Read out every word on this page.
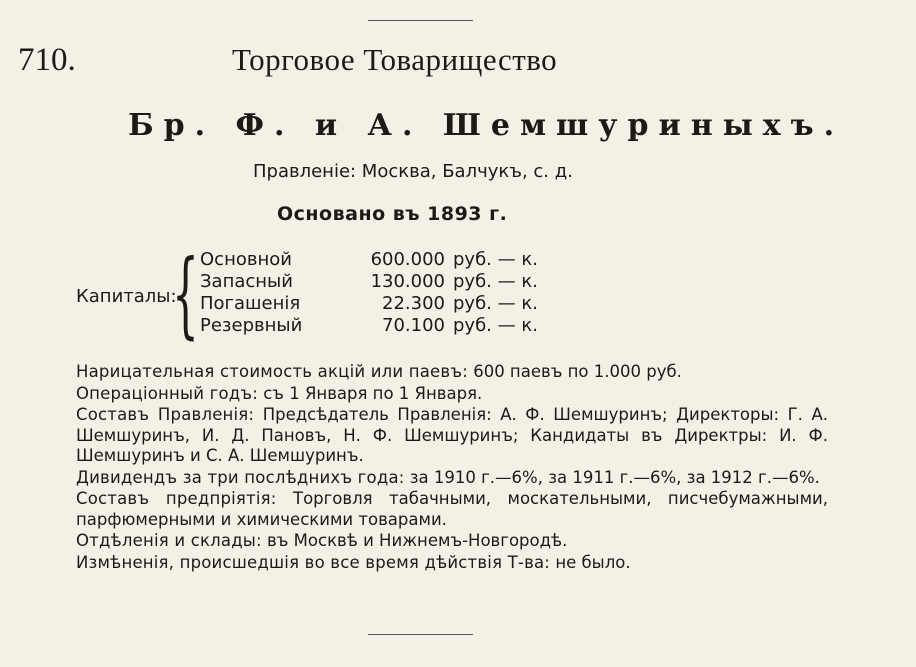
710.	Торговое Товарищество
Бр. Ф. и А. Шемшуриныхъ.
Правленіе: Москва, Балчукъ, с. д.
Основано въ 1893 г.
Капиталы:
{ Основной	600.000 руб. — к.
Запасный	130.000 руб. — к.
Погашенія	22.300 руб. — к.
Резервный	70.100 руб. — к.

Нарицательная стоимость акцій или паевъ: 600 паевъ по 1.000 руб.

Операціонный годъ: съ 1 Января по 1 Января.

Составъ Правленія: Предсѣдатель Правленія: А. Ф. Шемшуринъ; Директоры: Г. А. Шемшуринъ, И. Д. Пановъ, Н. Ф. Шемшуринъ; Кандидаты въ Директры: И. Ф. Шемшуринъ и С. А. Шемшуринъ.

Дивидендъ за три послѣднихъ года: за 1910 г.—6%, за 1911 г.—6%, за 1912 г.—6%.

Составъ предпріятія: Торговля табачными, москательными, писчебумажными, парфюмерными и химическими товарами.

Отдѣленія и склады: въ Москвѣ и Нижнемъ-Новгородѣ.

Измѣненія, происшедшія во все время дѣйствія Т-ва: не было.
